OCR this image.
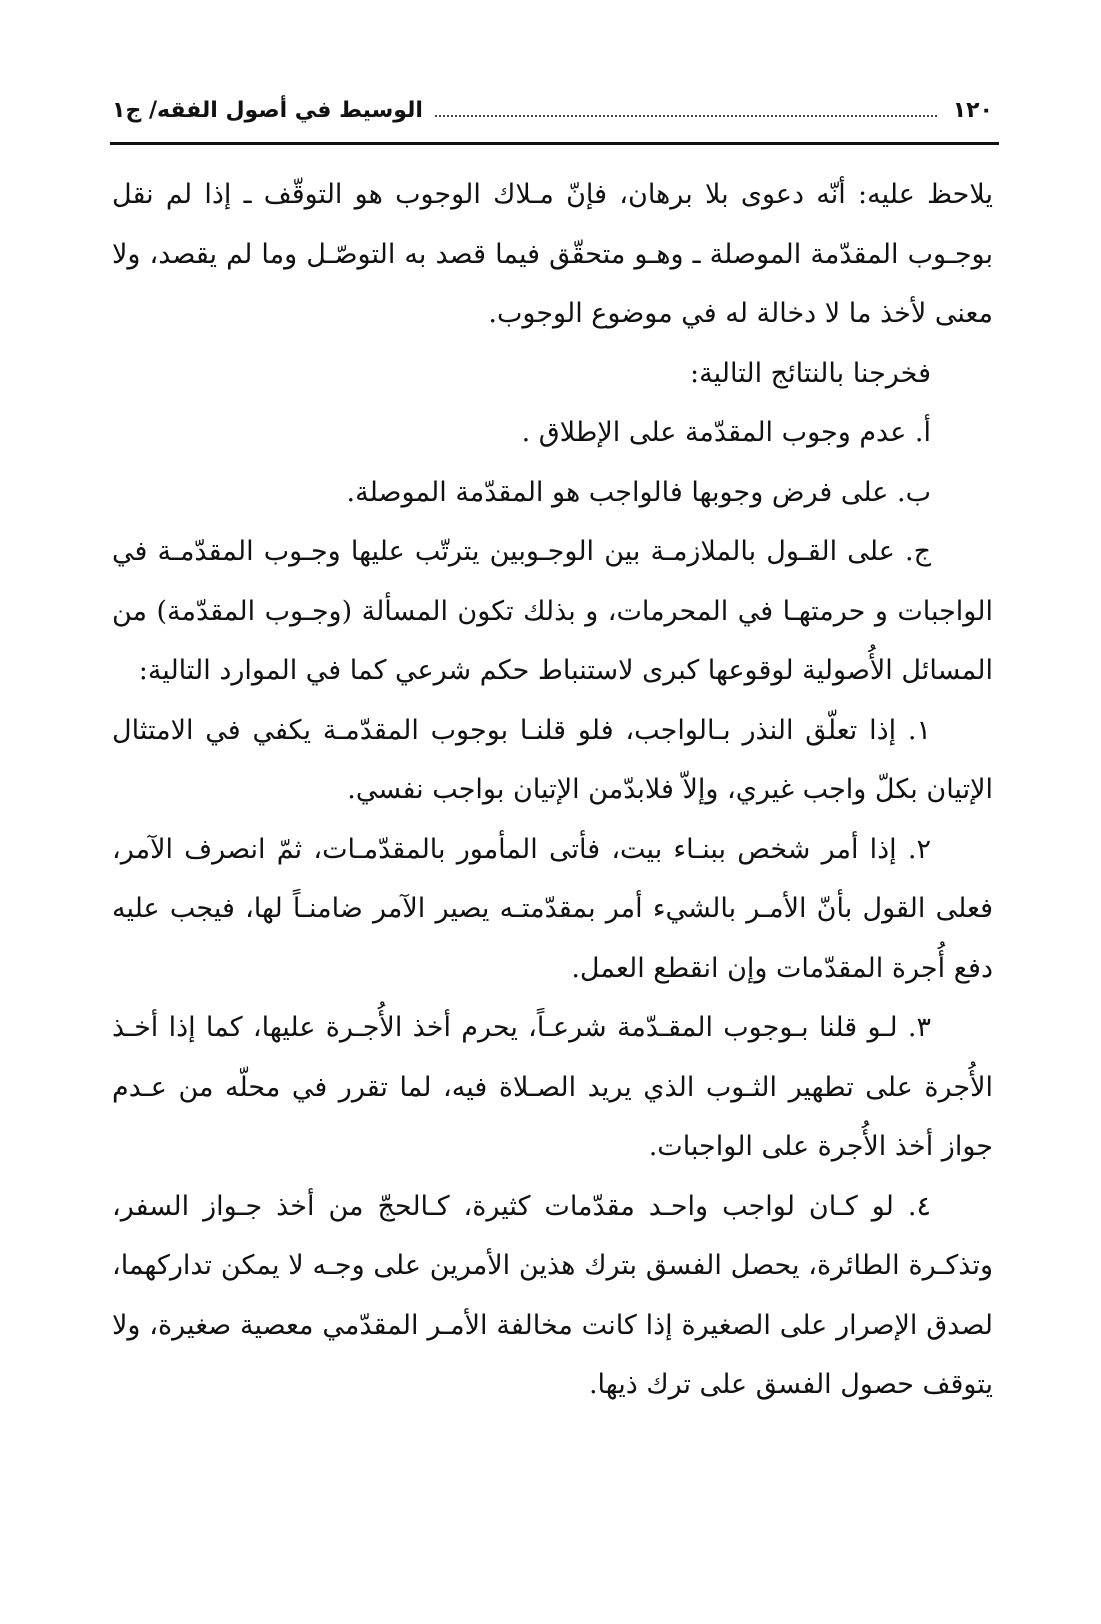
١٢٠
الوسيط في أصول الفقه/ ج١

يلاحظ عليه: أنّه دعوى بلا برهان، فإنّ مـلاك الوجوب هو التوقّف ـ إذا لم نقل بوجـوب المقدّمة الموصلة ـ وهـو متحقّق فيما قصد به التوصّـل وما لم يقصد، ولا معنى لأخذ ما لا دخالة له في موضوع الوجوب.

فخرجنا بالنتائج التالية:

أ. عدم وجوب المقدّمة على الإطلاق .

ب. على فرض وجوبها فالواجب هو المقدّمة الموصلة.

ج. على القـول بالملازمـة بين الوجـوبين يترتّب عليها وجـوب المقدّمـة في الواجبات و حرمتهـا في المحرمات، و بذلك تكون المسألة (وجـوب المقدّمة) من المسائل الأُصولية لوقوعها كبرى لاستنباط حكم شرعي كما في الموارد التالية:

١. إذا تعلّق النذر بـالواجب، فلو قلنـا بوجوب المقدّمـة يكفي في الامتثال الإتيان بكلّ واجب غيري، وإلاّ فلابدّمن الإتيان بواجب نفسي.

٢. إذا أمر شخص ببنـاء بيت، فأتى المأمور بالمقدّمـات، ثمّ انصرف الآمر، فعلى القول بأنّ الأمـر بالشيء أمر بمقدّمتـه يصير الآمر ضامنـاً لها، فيجب عليه دفع أُجرة المقدّمات وإن انقطع العمل.

٣. لـو قلنا بـوجوب المقـدّمة شرعـاً، يحرم أخذ الأُجـرة عليها، كما إذا أخـذ الأُجرة على تطهير الثـوب الذي يريد الصـلاة فيه، لما تقرر في محلّه من عـدم جواز أخذ الأُجرة على الواجبات.

٤. لو كـان لواجب واحـد مقدّمات كثيرة، كـالحجّ من أخذ جـواز السفر، وتذكـرة الطائرة، يحصل الفسق بترك هذين الأمرين على وجـه لا يمكن تداركهما، لصدق الإصرار على الصغيرة إذا كانت مخالفة الأمـر المقدّمي معصية صغيرة، ولا يتوقف حصول الفسق على ترك ذيها.
